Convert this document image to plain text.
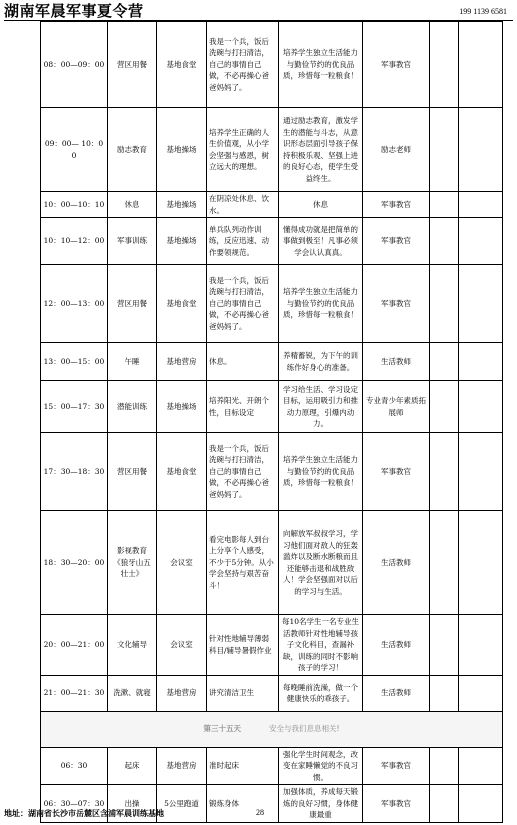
湖南军晨军事夏令营	199 1139 6581
08：00—09：00	营区用餐	基地食堂	我是一个兵，饭后洗碗与打扫清洁，自己的事情自己做，不必再操心爸爸妈妈了。	培养学生独立生活能力与勤俭节约的优良品质，珍惜每一粒粮食！	军事教官		
09：00— 10：00	励志教育	基地操场	培养学生正确的人生价值观，从小学会坚强与感恩，树立远大的理想。	通过励志教育，激发学生的潜能与斗志，从意识形态层面引导孩子保持积极乐观、坚强上进的良好心态，使学生受益终生。	励志老师		
10：00—10：10	休息	基地操场	在阴凉处休息、饮水。	休息	军事教官		
10：10—12：00	军事训练	基地操场	单兵队列动作训练，反应迅速、动作要领规范。	懂得成功就是把简单的事做到极至！凡事必须学会认认真真。	军事教官		
12：00—13：00	营区用餐	基地食堂	我是一个兵，饭后洗碗与打扫清洁，自己的事情自己做，不必再操心爸爸妈妈了。	培养学生独立生活能力与勤俭节约的优良品质，珍惜每一粒粮食！	军事教官		
13：00—15：00	午睡	基地营房	休息。	养精蓄锐，为下午的训练作好身心的准备。	生活教师		
15：00—17：30	潜能训练	基地操场	培养阳光、开朗个性，目标设定	学习给生活、学习设定目标，运用吸引力和推动力原理，引爆内动力。	专业青少年素质拓展师		
17：30—18：30	营区用餐	基地食堂	我是一个兵，饭后洗碗与打扫清洁，自己的事情自己做，不必再操心爸爸妈妈了。	培养学生独立生活能力与勤俭节约的优良品质，珍惜每一粒粮食！	军事教官		
18：30—20：00	影视教育《狼牙山五壮士》	会议室	看完电影每人到台上分享个人感受，不少于5分钟。从小学会坚持与艰苦奋斗！	向解放军叔叔学习，学习他们面对敌人的狂轰滥炸以及断水断粮而且还能够击退和战胜敌人！学会坚强面对以后的学习与生活。	生活教师		
20：00—21：00	文化辅导	会议室	针对性地辅导薄弱科目/辅导暑假作业	每10名学生一名专业生活教师针对性地辅导孩子文化科目，查漏补缺，训练的同时不影响孩子的学习！	生活教师		
21：00—21：30	洗漱、就寝	基地营房	讲究清洁卫生	每晚睡前洗澡，做一个健康快乐的乖孩子。	生活教师		
第三十五天 安全与我们息息相关!							
06：30	起床	基地营房	准时起床	强化学生时间观念，改变在家睡懒觉的不良习惯。	军事教官		
06：30—07：30	出操	5公里跑道	锻炼身体	加强体质，养成每天锻炼的良好习惯，身体健康最重	军事教官		
地址：湖南省长沙市岳麓区含浦军晨训练基地	28
